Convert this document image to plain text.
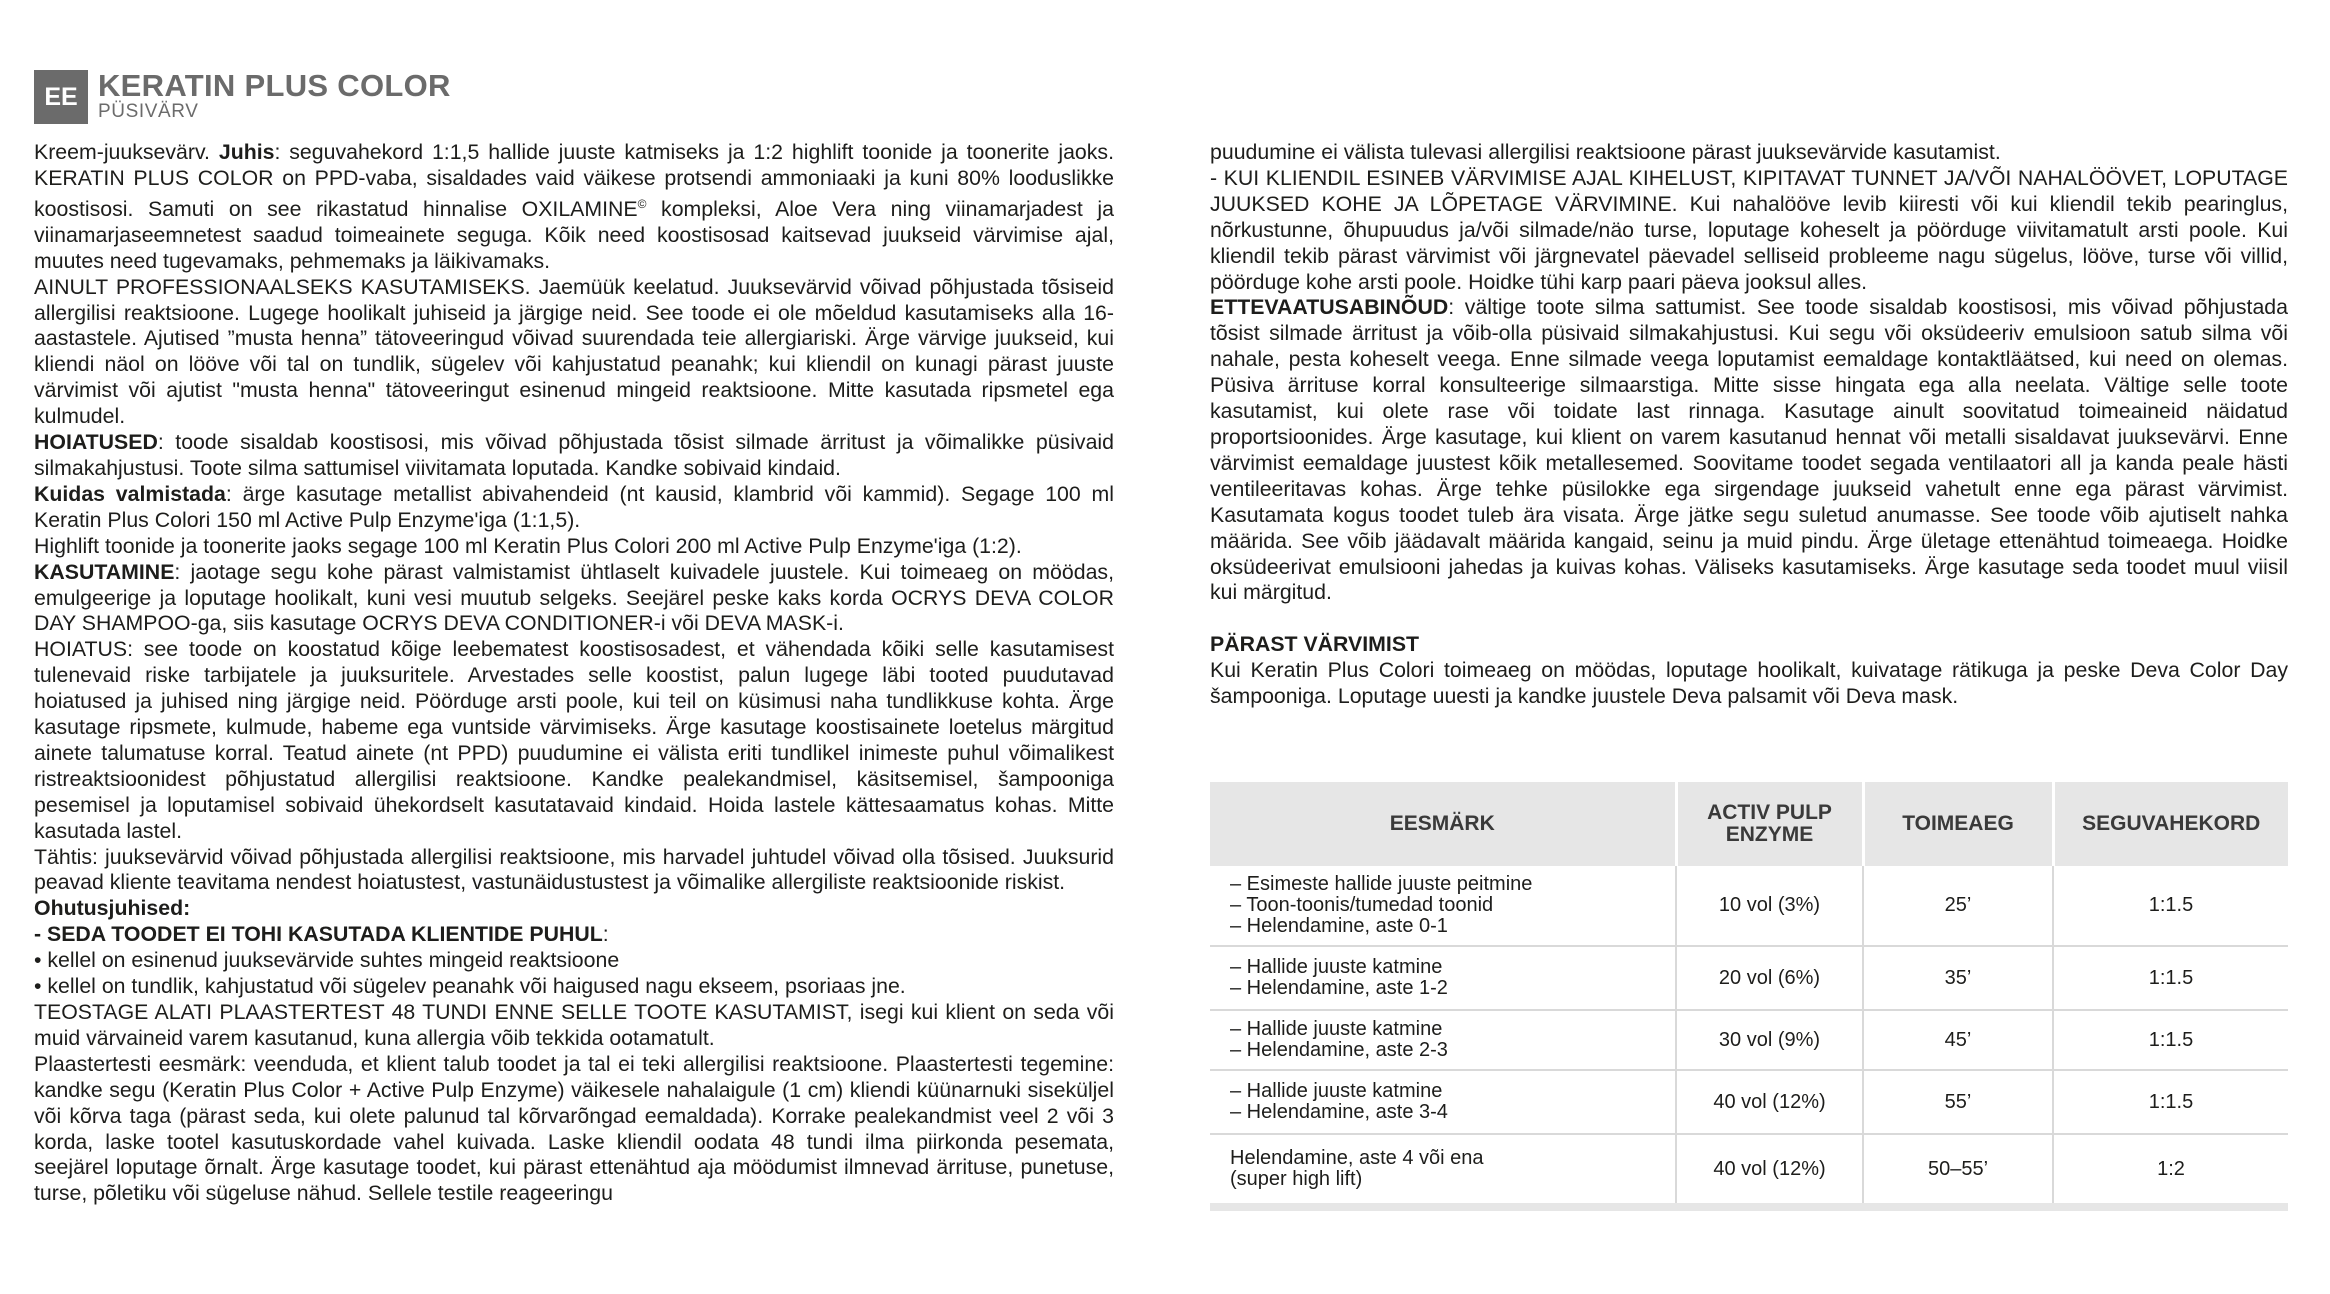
EE KERATIN PLUS COLOR
PÜSIVÄRV

Kreem-juuksevärv. Juhis: seguvahekord 1:1,5 hallide juuste katmiseks ja 1:2 highlift toonide ja toonerite jaoks. KERATIN PLUS COLOR on PPD-vaba, sisaldades vaid väikese protsendi ammoniaaki ja kuni 80% looduslikke koostisosi. Samuti on see rikastatud hinnalise OXILAMINE© kompleksi, Aloe Vera ning viinamarjadest ja viinamarjaseemnetest saadud toimeainete seguga. Kõik need koostisosad kaitsevad juukseid värvimise ajal, muutes need tugevamaks, pehmemaks ja läikivamaks.

AINULT PROFESSIONAALSEKS KASUTAMISEKS. Jaemüük keelatud. Juuksevärvid võivad põhjustada tõsiseid allergilisi reaktsioone. Lugege hoolikalt juhiseid ja järgige neid. See toode ei ole mõeldud kasutamiseks alla 16-aastastele. Ajutised ”musta henna” tätoveeringud võivad suurendada teie allergiariski. Ärge värvige juukseid, kui kliendi näol on lööve või tal on tundlik, sügelev või kahjustatud peanahk; kui kliendil on kunagi pärast juuste värvimist või ajutist "musta henna" tätoveeringut esinenud mingeid reaktsioone. Mitte kasutada ripsmetel ega kulmudel.

HOIATUSED: toode sisaldab koostisosi, mis võivad põhjustada tõsist silmade ärritust ja võimalikke püsivaid silmakahjustusi. Toote silma sattumisel viivitamata loputada. Kandke sobivaid kindaid.

Kuidas valmistada: ärge kasutage metallist abivahendeid (nt kausid, klambrid või kammid). Segage 100 ml Keratin Plus Colori 150 ml Active Pulp Enzyme'iga (1:1,5).

Highlift toonide ja toonerite jaoks segage 100 ml Keratin Plus Colori 200 ml Active Pulp Enzyme'iga (1:2).

KASUTAMINE: jaotage segu kohe pärast valmistamist ühtlaselt kuivadele juustele. Kui toimeaeg on möödas, emulgeerige ja loputage hoolikalt, kuni vesi muutub selgeks. Seejärel peske kaks korda OCRYS DEVA COLOR DAY SHAMPOO-ga, siis kasutage OCRYS DEVA CONDITIONER-i või DEVA MASK-i.

HOIATUS: see toode on koostatud kõige leebematest koostisosadest, et vähendada kõiki selle kasutamisest tulenevaid riske tarbijatele ja juuksuritele. Arvestades selle koostist, palun lugege läbi tooted puudutavad hoiatused ja juhised ning järgige neid. Pöörduge arsti poole, kui teil on küsimusi naha tundlikkuse kohta. Ärge kasutage ripsmete, kulmude, habeme ega vuntside värvimiseks. Ärge kasutage koostisainete loetelus märgitud ainete talumatuse korral. Teatud ainete (nt PPD) puudumine ei välista eriti tundlikel inimeste puhul võimalikest ristreaktsioonidest põhjustatud allergilisi reaktsioone. Kandke pealekandmisel, käsitsemisel, šampooniga pesemisel ja loputamisel sobivaid ühekordselt kasutatavaid kindaid. Hoida lastele kättesaamatus kohas. Mitte kasutada lastel.

Tähtis: juuksevärvid võivad põhjustada allergilisi reaktsioone, mis harvadel juhtudel võivad olla tõsised. Juuksurid peavad kliente teavitama nendest hoiatustest, vastunäidustustest ja võimalike allergiliste reaktsioonide riskist.

Ohutusjuhised:

- SEDA TOODET EI TOHI KASUTADA KLIENTIDE PUHUL:

• kellel on esinenud juuksevärvide suhtes mingeid reaktsioone

• kellel on tundlik, kahjustatud või sügelev peanahk või haigused nagu ekseem, psoriaas jne.

TEOSTAGE ALATI PLAASTERTEST 48 TUNDI ENNE SELLE TOOTE KASUTAMIST, isegi kui klient on seda või muid värvaineid varem kasutanud, kuna allergia võib tekkida ootamatult.

Plaastertesti eesmärk: veenduda, et klient talub toodet ja tal ei teki allergilisi reaktsioone. Plaastertesti tegemine: kandke segu (Keratin Plus Color + Active Pulp Enzyme) väikesele nahalaigule (1 cm) kliendi küünarnuki siseküljel või kõrva taga (pärast seda, kui olete palunud tal kõrvarõngad eemaldada). Korrake pealekandmist veel 2 või 3 korda, laske tootel kasutuskordade vahel kuivada. Laske kliendil oodata 48 tundi ilma piirkonda pesemata, seejärel loputage õrnalt. Ärge kasutage toodet, kui pärast ettenähtud aja möödumist ilmnevad ärrituse, punetuse, turse, põletiku või sügeluse nähud. Sellele testile reageeringu

puudumine ei välista tulevasi allergilisi reaktsioone pärast juuksevärvide kasutamist.

- KUI KLIENDIL ESINEB VÄRVIMISE AJAL KIHELUST, KIPITAVAT TUNNET JA/VÕI NAHALÖÖVET, LOPUTAGE JUUKSED KOHE JA LÕPETAGE VÄRVIMINE. Kui nahalööve levib kiiresti või kui kliendil tekib pearinglus, nõrkustunne, õhupuudus ja/või silmade/näo turse, loputage koheselt ja pöörduge viivitamatult arsti poole. Kui kliendil tekib pärast värvimist või järgnevatel päevadel selliseid probleeme nagu sügelus, lööve, turse või villid, pöörduge kohe arsti poole. Hoidke tühi karp paari päeva jooksul alles.

ETTEVAATUSABINÕUD: vältige toote silma sattumist. See toode sisaldab koostisosi, mis võivad põhjustada tõsist silmade ärritust ja võib-olla püsivaid silmakahjustusi. Kui segu või oksüdeeriv emulsioon satub silma või nahale, pesta koheselt veega. Enne silmade veega loputamist eemaldage kontaktläätsed, kui need on olemas. Püsiva ärrituse korral konsulteerige silmaarstiga. Mitte sisse hingata ega alla neelata. Vältige selle toote kasutamist, kui olete rase või toidate last rinnaga. Kasutage ainult soovitatud toimeaineid näidatud proportsioonides. Ärge kasutage, kui klient on varem kasutanud hennat või metalli sisaldavat juuksevärvi. Enne värvimist eemaldage juustest kõik metallesemed. Soovitame toodet segada ventilaatori all ja kanda peale hästi ventileeritavas kohas. Ärge tehke püsilokke ega sirgendage juukseid vahetult enne ega pärast värvimist. Kasutamata kogus toodet tuleb ära visata. Ärge jätke segu suletud anumasse. See toode võib ajutiselt nahka määrida. See võib jäädavalt määrida kangaid, seinu ja muid pindu. Ärge ületage ettenähtud toimeaega. Hoidke oksüdeerivat emulsiooni jahedas ja kuivas kohas. Väliseks kasutamiseks. Ärge kasutage seda toodet muul viisil kui märgitud.

PÄRAST VÄRVIMIST

Kui Keratin Plus Colori toimeaeg on möödas, loputage hoolikalt, kuivatage rätikuga ja peske Deva Color Day šampooniga. Loputage uuesti ja kandke juustele Deva palsamit või Deva mask.

EESMÄRK	ACTIV PULP ENZYME	TOIMEAEG	SEGUVAHEKORD

– Esimeste hallide juuste peitmine
– Toon-toonis/tumedad toonid
– Helendamine, aste 0-1	10 vol (3%)	25’	1:1.5

– Hallide juuste katmine
– Helendamine, aste 1-2	20 vol (6%)	35’	1:1.5

– Hallide juuste katmine
– Helendamine, aste 2-3	30 vol (9%)	45’	1:1.5

– Hallide juuste katmine
– Helendamine, aste 3-4	40 vol (12%)	55’	1:1.5

Helendamine, aste 4 või ena
(super high lift)	40 vol (12%)	50–55’	1:2
